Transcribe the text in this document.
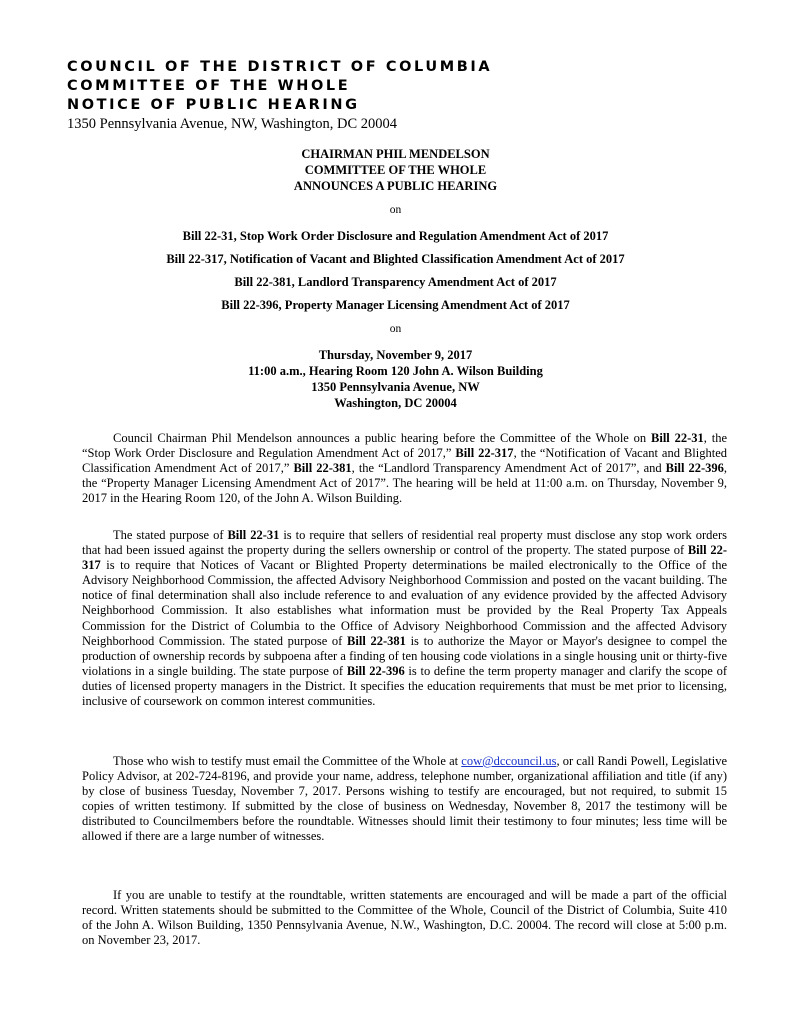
COUNCIL OF THE DISTRICT OF COLUMBIA
COMMITTEE OF THE WHOLE
NOTICE OF PUBLIC HEARING
1350 Pennsylvania Avenue, NW, Washington, DC 20004
CHAIRMAN PHIL MENDELSON
COMMITTEE OF THE WHOLE
ANNOUNCES A PUBLIC HEARING
on
Bill 22-31, Stop Work Order Disclosure and Regulation Amendment Act of 2017
Bill 22-317, Notification of Vacant and Blighted Classification Amendment Act of 2017
Bill 22-381, Landlord Transparency Amendment Act of 2017
Bill 22-396, Property Manager Licensing Amendment Act of 2017
on
Thursday, November 9, 2017
11:00 a.m., Hearing Room 120 John A. Wilson Building
1350 Pennsylvania Avenue, NW
Washington, DC 20004

Council Chairman Phil Mendelson announces a public hearing before the Committee of the Whole on Bill 22-31, the “Stop Work Order Disclosure and Regulation Amendment Act of 2017,” Bill 22-317, the “Notification of Vacant and Blighted Classification Amendment Act of 2017,” Bill 22-381, the “Landlord Transparency Amendment Act of 2017”, and Bill 22-396, the “Property Manager Licensing Amendment Act of 2017”. The hearing will be held at 11:00 a.m. on Thursday, November 9, 2017 in the Hearing Room 120, of the John A. Wilson Building.

The stated purpose of Bill 22-31 is to require that sellers of residential real property must disclose any stop work orders that had been issued against the property during the sellers ownership or control of the property. The stated purpose of Bill 22-317 is to require that Notices of Vacant or Blighted Property determinations be mailed electronically to the Office of the Advisory Neighborhood Commission, the affected Advisory Neighborhood Commission and posted on the vacant building. The notice of final determination shall also include reference to and evaluation of any evidence provided by the affected Advisory Neighborhood Commission. It also establishes what information must be provided by the Real Property Tax Appeals Commission for the District of Columbia to the Office of Advisory Neighborhood Commission and the affected Advisory Neighborhood Commission. The stated purpose of Bill 22-381 is to authorize the Mayor or Mayor's designee to compel the production of ownership records by subpoena after a finding of ten housing code violations in a single housing unit or thirty-five violations in a single building. The state purpose of Bill 22-396 is to define the term property manager and clarify the scope of duties of licensed property managers in the District. It specifies the education requirements that must be met prior to licensing, inclusive of coursework on common interest communities.

Those who wish to testify must email the Committee of the Whole at cow@dccouncil.us, or call Randi Powell, Legislative Policy Advisor, at 202-724-8196, and provide your name, address, telephone number, organizational affiliation and title (if any) by close of business Tuesday, November 7, 2017. Persons wishing to testify are encouraged, but not required, to submit 15 copies of written testimony. If submitted by the close of business on Wednesday, November 8, 2017 the testimony will be distributed to Councilmembers before the roundtable. Witnesses should limit their testimony to four minutes; less time will be allowed if there are a large number of witnesses.

If you are unable to testify at the roundtable, written statements are encouraged and will be made a part of the official record. Written statements should be submitted to the Committee of the Whole, Council of the District of Columbia, Suite 410 of the John A. Wilson Building, 1350 Pennsylvania Avenue, N.W., Washington, D.C. 20004. The record will close at 5:00 p.m. on November 23, 2017.
